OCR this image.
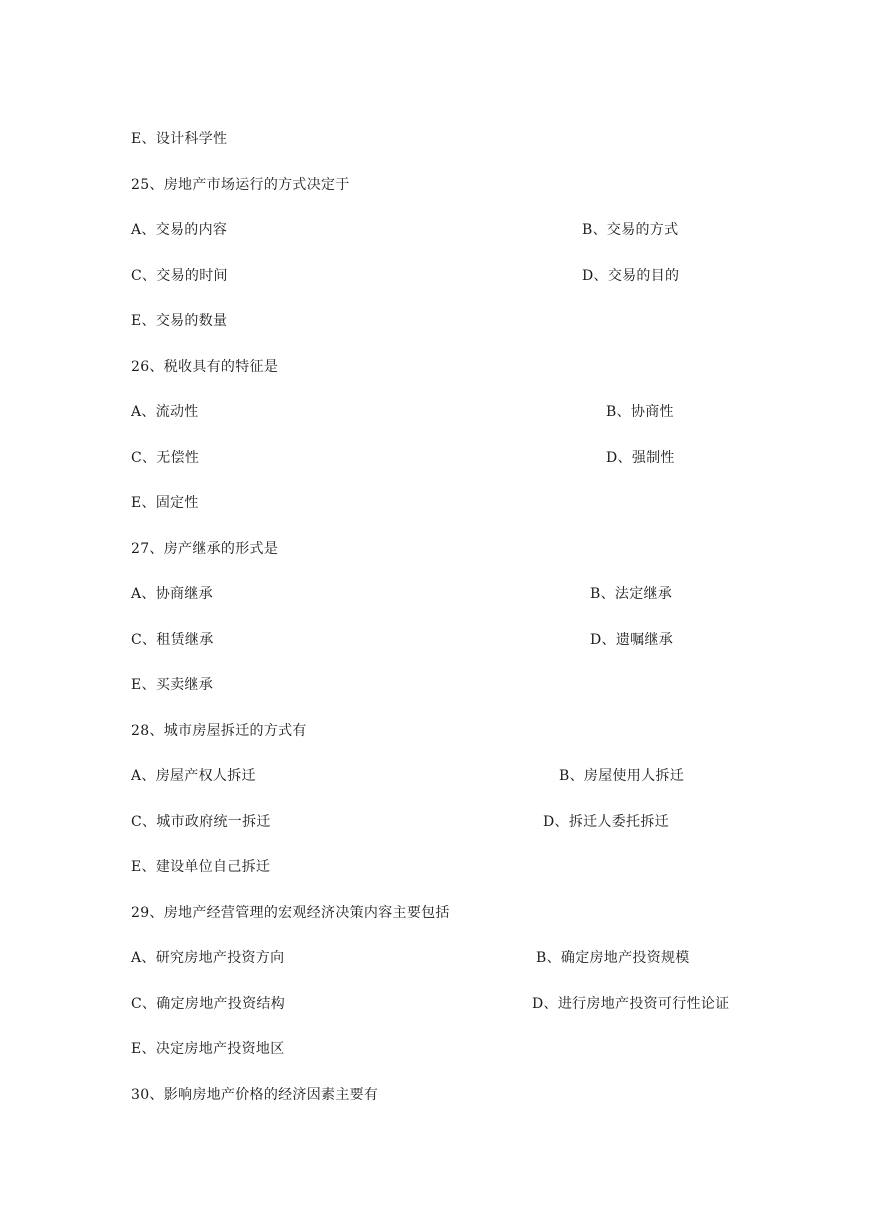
E、设计科学性
25、房地产市场运行的方式决定于
A、交易的内容	B、交易的方式
C、交易的时间	D、交易的目的
E、交易的数量
26、税收具有的特征是
A、流动性	B、协商性
C、无偿性	D、强制性
E、固定性
27、房产继承的形式是
A、协商继承	B、法定继承
C、租赁继承	D、遗嘱继承
E、买卖继承
28、城市房屋拆迁的方式有
A、房屋产权人拆迁	B、房屋使用人拆迁
C、城市政府统一拆迁	D、拆迁人委托拆迁
E、建设单位自己拆迁
29、房地产经营管理的宏观经济决策内容主要包括
A、研究房地产投资方向	B、确定房地产投资规模
C、确定房地产投资结构	D、进行房地产投资可行性论证
E、决定房地产投资地区
30、影响房地产价格的经济因素主要有
